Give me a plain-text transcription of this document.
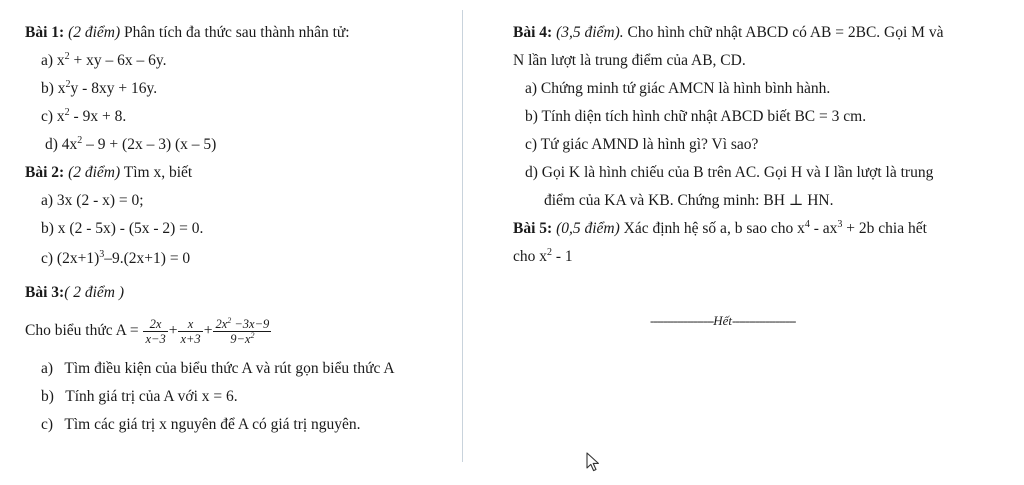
Bài 1: (2 điểm) Phân tích đa thức sau thành nhân tử:
a) $x^2$ + xy – 6x – 6y.
b) $x^2y - 8xy + 16y$.
c) $x^2 - 9x + 8$.
d) $4x^2 - 9 + (2x - 3)$ (x – 5)
Bài 2: (2 điểm) Tìm x, biết
a) 3x (2 - x) = 0;
b) x (2 - 5x) - (5x - 2) = 0.
c) $(2x+1)^3-9.(2x+1) = 0$
Bài 3:( 2 điểm )
Cho biểu thức $A = \frac{2x}{x-3} + \frac{x}{x+3} + \frac{2x^2 -3x-9}{9-x^2}$
a) Tìm điều kiện của biểu thức A và rút gọn biểu thức A
b) Tính giá trị của A với x = 6.
c) Tìm các giá trị x nguyên để A có giá trị nguyên.
Bài 4: (3,5 điểm). Cho hình chữ nhật ABCD có AB = 2BC. Gọi M và
N lần lượt là trung điểm của AB, CD.
a) Chứng minh tứ giác AMCN là hình bình hành.
b) Tính diện tích hình chữ nhật ABCD biết BC = 3 cm.
c) Tứ giác AMND là hình gì? Vì sao?
d) Gọi K là hình chiếu của B trên AC. Gọi H và I lần lượt là trung
điểm của KA và KB. Chứng minh: BH ⊥ HN.
Bài 5: (0,5 điểm) Xác định hệ số a, b sao cho $x^4 - ax^3 + 2b$ chia hết
cho $x^2 - 1$
-------------------Hết-------------------
